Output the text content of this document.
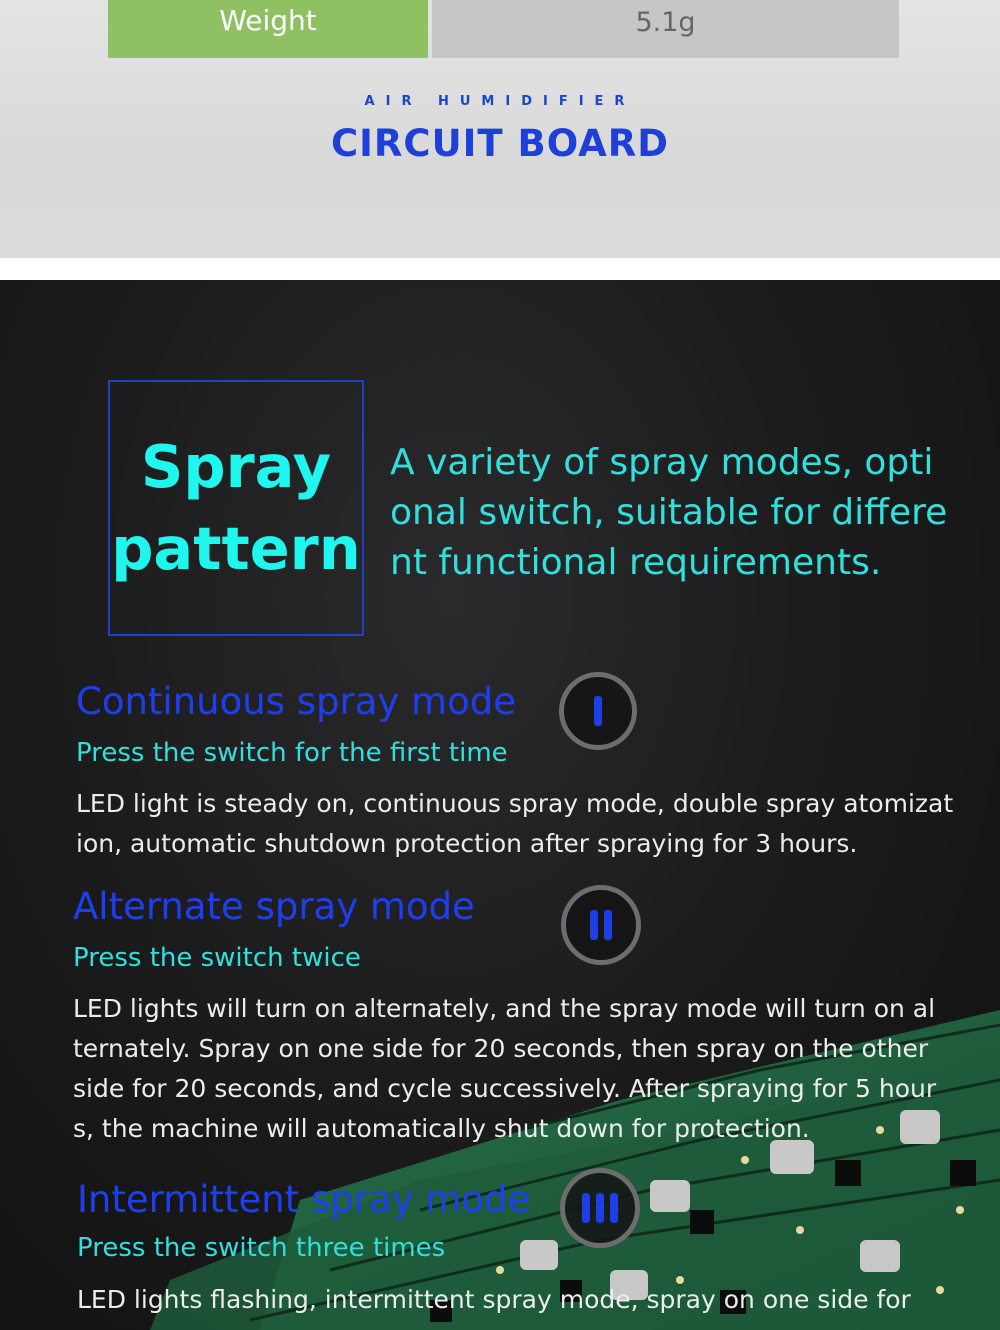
Weight	5.1g
AIR HUMIDIFIER
CIRCUIT BOARD
Spray pattern
A variety of spray modes, optional switch, suitable for different functional requirements.
Continuous spray mode
Press the switch for the first time
LED light is steady on, continuous spray mode, double spray atomization, automatic shutdown protection after spraying for 3 hours.
Alternate spray mode
Press the switch twice
LED lights will turn on alternately, and the spray mode will turn on alternately. Spray on one side for 20 seconds, then spray on the other side for 20 seconds, and cycle successively. After spraying for 5 hours, the machine will automatically shut down for protection.
Intermittent spray mode
Press the switch three times
LED lights flashing, intermittent spray mode, spray on one side for
